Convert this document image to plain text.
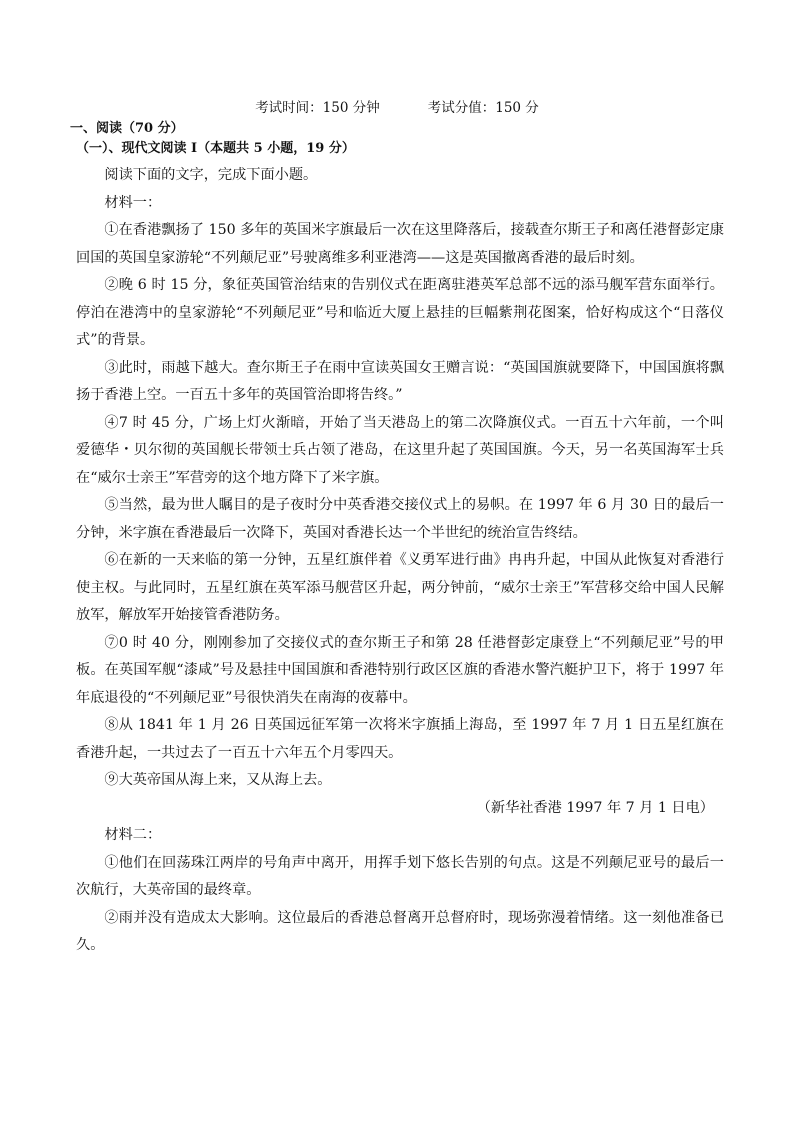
考试时间：150 分钟	考试分值：150 分
一、阅读（70 分）
（一）、现代文阅读 I（本题共 5 小题，19 分）

阅读下面的文字，完成下面小题。

材料一：

①在香港飘扬了 150 多年的英国米字旗最后一次在这里降落后，接载查尔斯王子和离任港督彭定康回国的英国皇家游轮“不列颠尼亚”号驶离维多利亚港湾——这是英国撤离香港的最后时刻。

②晚 6 时 15 分，象征英国管治结束的告别仪式在距离驻港英军总部不远的添马舰军营东面举行。停泊在港湾中的皇家游轮“不列颠尼亚”号和临近大厦上悬挂的巨幅紫荆花图案，恰好构成这个“日落仪式”的背景。

③此时，雨越下越大。查尔斯王子在雨中宣读英国女王赠言说：“英国国旗就要降下，中国国旗将飘扬于香港上空。一百五十多年的英国管治即将告终。”

④7 时 45 分，广场上灯火渐暗，开始了当天港岛上的第二次降旗仪式。一百五十六年前，一个叫爱德华・贝尔彻的英国舰长带领士兵占领了港岛，在这里升起了英国国旗。今天，另一名英国海军士兵在“威尔士亲王”军营旁的这个地方降下了米字旗。

⑤当然，最为世人瞩目的是子夜时分中英香港交接仪式上的易帜。在 1997 年 6 月 30 日的最后一分钟，米字旗在香港最后一次降下，英国对香港长达一个半世纪的统治宣告终结。

⑥在新的一天来临的第一分钟，五星红旗伴着《义勇军进行曲》冉冉升起，中国从此恢复对香港行使主权。与此同时，五星红旗在英军添马舰营区升起，两分钟前，“威尔士亲王”军营移交给中国人民解放军，解放军开始接管香港防务。

⑦0 时 40 分，刚刚参加了交接仪式的查尔斯王子和第 28 任港督彭定康登上“不列颠尼亚”号的甲板。在英国军舰“漆咸”号及悬挂中国国旗和香港特别行政区区旗的香港水警汽艇护卫下，将于 1997 年年底退役的“不列颠尼亚”号很快消失在南海的夜幕中。

⑧从 1841 年 1 月 26 日英国远征军第一次将米字旗插上海岛，至 1997 年 7 月 1 日五星红旗在香港升起，一共过去了一百五十六年五个月零四天。

⑨大英帝国从海上来，又从海上去。

（新华社香港 1997 年 7 月 1 日电）

材料二：

①他们在回荡珠江两岸的号角声中离开，用挥手划下悠长告别的句点。这是不列颠尼亚号的最后一次航行，大英帝国的最终章。

②雨并没有造成太大影响。这位最后的香港总督离开总督府时，现场弥漫着情绪。这一刻他准备已久。
